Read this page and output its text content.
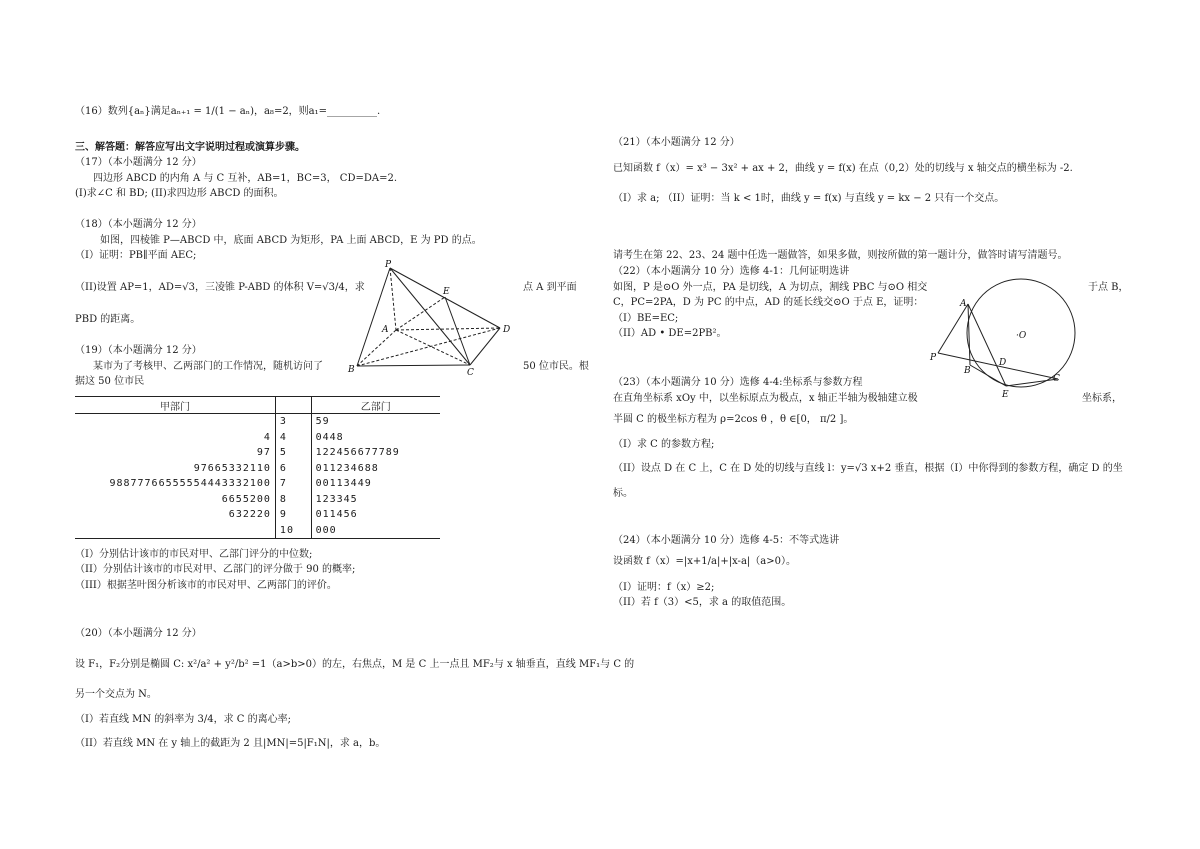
（16）数列{aₙ}满足aₙ₊₁ = 1/(1 − aₙ)，a₈=2，则a₁=__________.
三、解答题：解答应写出文字说明过程或演算步骤。
（17）（本小题满分 12 分）
四边形 ABCD 的内角 A 与 C 互补，AB=1，BC=3， CD=DA=2.
(I)求∠C 和 BD; (II)求四边形 ABCD 的面积。
（18）（本小题满分 12 分）
如图，四棱锥 P—ABCD 中，底面 ABCD 为矩形，PA 上面 ABCD，E 为 PD 的点。
（I）证明：PB∥平面 AEC;
（II)设置 AP=1，AD=√3，三凌锥 P-ABD 的体积 V=√3/4，求	点 A 到平面
PBD 的距离。
P
A
B	C
D
E
（19）（本小题满分 12 分）
某市为了考核甲、乙两部门的工作情况，随机访问了	50 位市民。根
据这 50 位市民
甲部门		乙部门
	3	59
4	4	0448
97	5	122456677789
97665332110	6	011234688
98877766555554443332100	7	00113449
6655200	8	123345
632220	9	011456
	10	000
（I）分别估计该市的市民对甲、乙部门评分的中位数;
（II）分别估计该市的市民对甲、乙部门的评分做于 90 的概率;
（III）根据茎叶图分析该市的市民对甲、乙两部门的评价。
（20）（本小题满分 12 分）
设 F₁，F₂分别是椭圆 C: x²/a² + y²/b² =1（a>b>0）的左，右焦点，M 是 C 上一点且 MF₂与 x 轴垂直，直线 MF₁与 C 的
另一个交点为 N。
（I）若直线 MN 的斜率为 3/4，求 C 的离心率;
（II）若直线 MN 在 y 轴上的截距为 2 且|MN|=5|F₁N|，求 a，b。
（21）（本小题满分 12 分）
已知函数 f（x）= x³ − 3x² + ax + 2，曲线 y = f(x) 在点（0,2）处的切线与 x 轴交点的横坐标为 -2.
（I）求 a; （II）证明：当 k < 1时，曲线 y = f(x) 与直线 y = kx − 2 只有一个交点。
请考生在第 22、23、24 题中任选一题做答，如果多做，则按所做的第一题计分，做答时请写清题号。
（22）（本小题满分 10 分）选修 4-1：几何证明选讲
如图，P 是⊙O 外一点，PA 是切线，A 为切点，割线 PBC 与⊙O 相交	于点 B，
C，PC=2PA，D 为 PC 的中点，AD 的延长线交⊙O 于点 E，证明：
（I）BE=EC;
（II）AD • DE=2PB²。
A
·O
P
B
D
C
E
（23）（本小题满分 10 分）选修 4-4:坐标系与参数方程
在直角坐标系 xOy 中，以坐标原点为极点，x 轴正半轴为极轴建立极	坐标系，
半圆 C 的极坐标方程为 ρ=2cos θ ，θ ∈[0， π/2 ]。
（I）求 C 的参数方程;
（II）设点 D 在 C 上，C 在 D 处的切线与直线 l：y=√3 x+2 垂直，根据（I）中你得到的参数方程，确定 D 的坐
标。
（24）（本小题满分 10 分）选修 4-5：不等式选讲
设函数 f（x）=|x+1/a|+|x-a|（a>0）。
（I）证明：f（x）≥2;
（II）若 f（3）<5，求 a 的取值范围。
